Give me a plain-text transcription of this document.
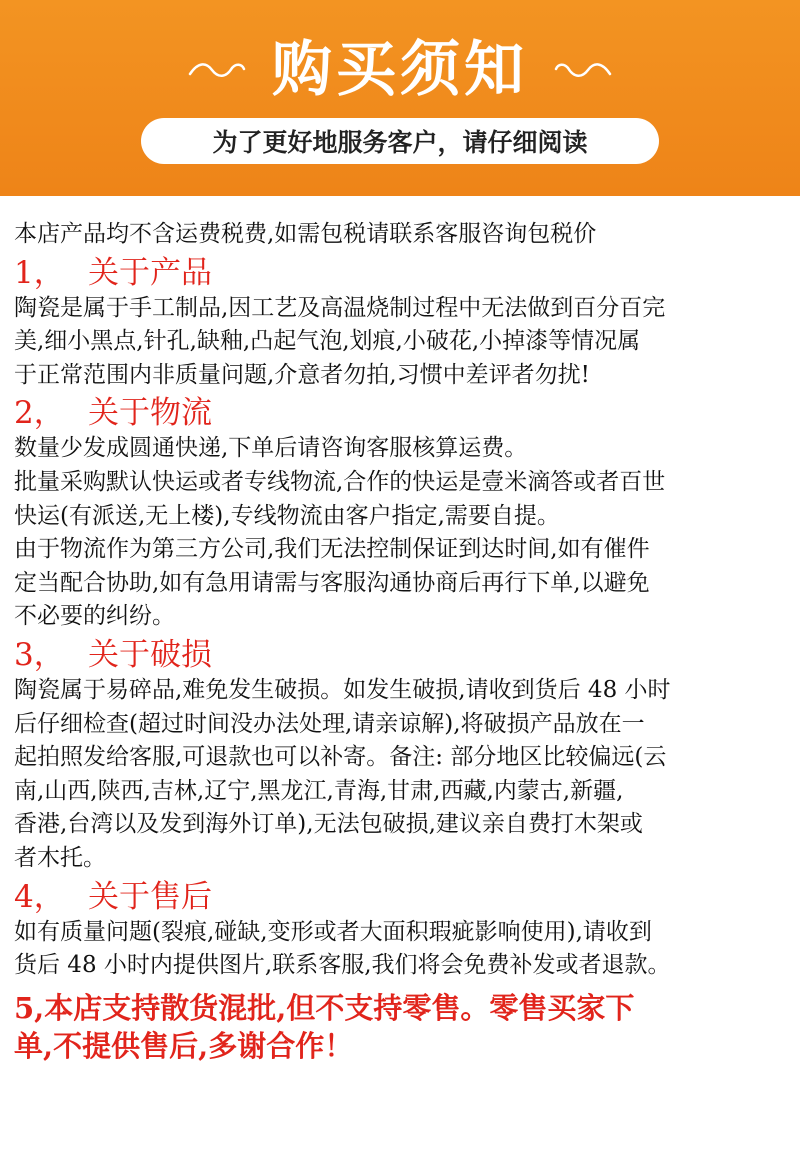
购买须知
为了更好地服务客户，请仔细阅读
本店产品均不含运费税费,如需包税请联系客服咨询包税价
1， 关于产品
陶瓷是属于手工制品,因工艺及高温烧制过程中无法做到百分百完
美,细小黑点,针孔,缺釉,凸起气泡,划痕,小破花,小掉漆等情况属
于正常范围内非质量问题,介意者勿拍,习惯中差评者勿扰!
2， 关于物流
数量少发成圆通快递,下单后请咨询客服核算运费。
批量采购默认快运或者专线物流,合作的快运是壹米滴答或者百世
快运(有派送,无上楼),专线物流由客户指定,需要自提。
由于物流作为第三方公司,我们无法控制保证到达时间,如有催件
定当配合协助,如有急用请需与客服沟通协商后再行下单,以避免
不必要的纠纷。
3， 关于破损
陶瓷属于易碎品,难免发生破损。如发生破损,请收到货后 48 小时
后仔细检查(超过时间没办法处理,请亲谅解),将破损产品放在一
起拍照发给客服,可退款也可以补寄。备注: 部分地区比较偏远(云
南,山西,陕西,吉林,辽宁,黑龙江,青海,甘肃,西藏,内蒙古,新疆,
香港,台湾以及发到海外订单),无法包破损,建议亲自费打木架或
者木托。
4， 关于售后
如有质量问题(裂痕,碰缺,变形或者大面积瑕疵影响使用),请收到
货后 48 小时内提供图片,联系客服,我们将会免费补发或者退款。
5,本店支持散货混批,但不支持零售。零售买家下
单,不提供售后,多谢合作！
